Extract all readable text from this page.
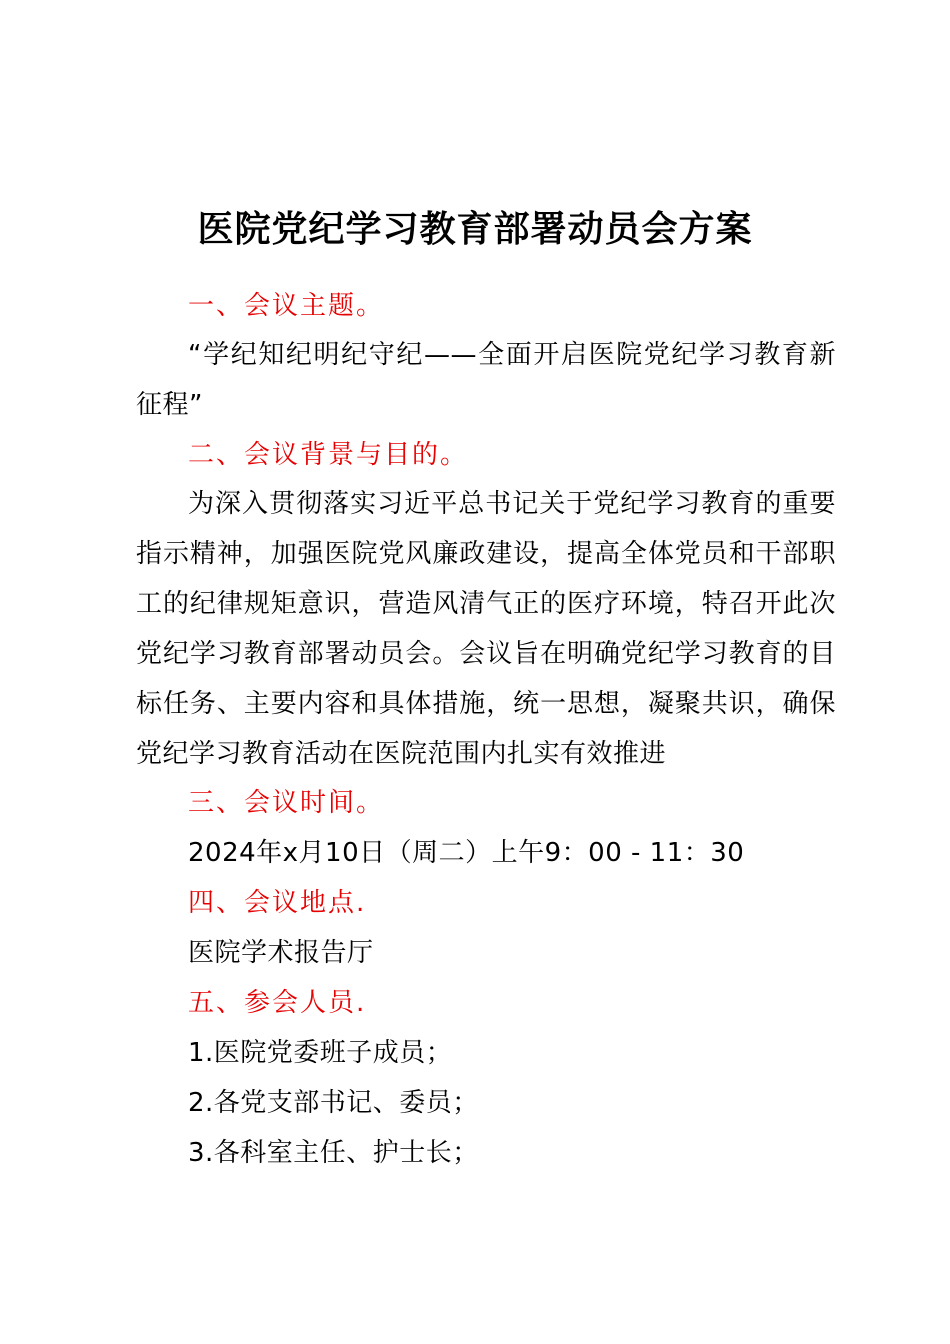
医院党纪学习教育部署动员会方案
一、会议主题。
“学纪知纪明纪守纪——全面开启医院党纪学习教育新征程”
二、会议背景与目的。
为深入贯彻落实习近平总书记关于党纪学习教育的重要指示精神，加强医院党风廉政建设，提高全体党员和干部职工的纪律规矩意识，营造风清气正的医疗环境，特召开此次党纪学习教育部署动员会。会议旨在明确党纪学习教育的目标任务、主要内容和具体措施，统一思想，凝聚共识，确保党纪学习教育活动在医院范围内扎实有效推进
三、会议时间。
2024年x月10日（周二）上午9：00 - 11：30
四、会议地点.
医院学术报告厅
五、参会人员.
1.医院党委班子成员；
2.各党支部书记、委员；
3.各科室主任、护士长；
